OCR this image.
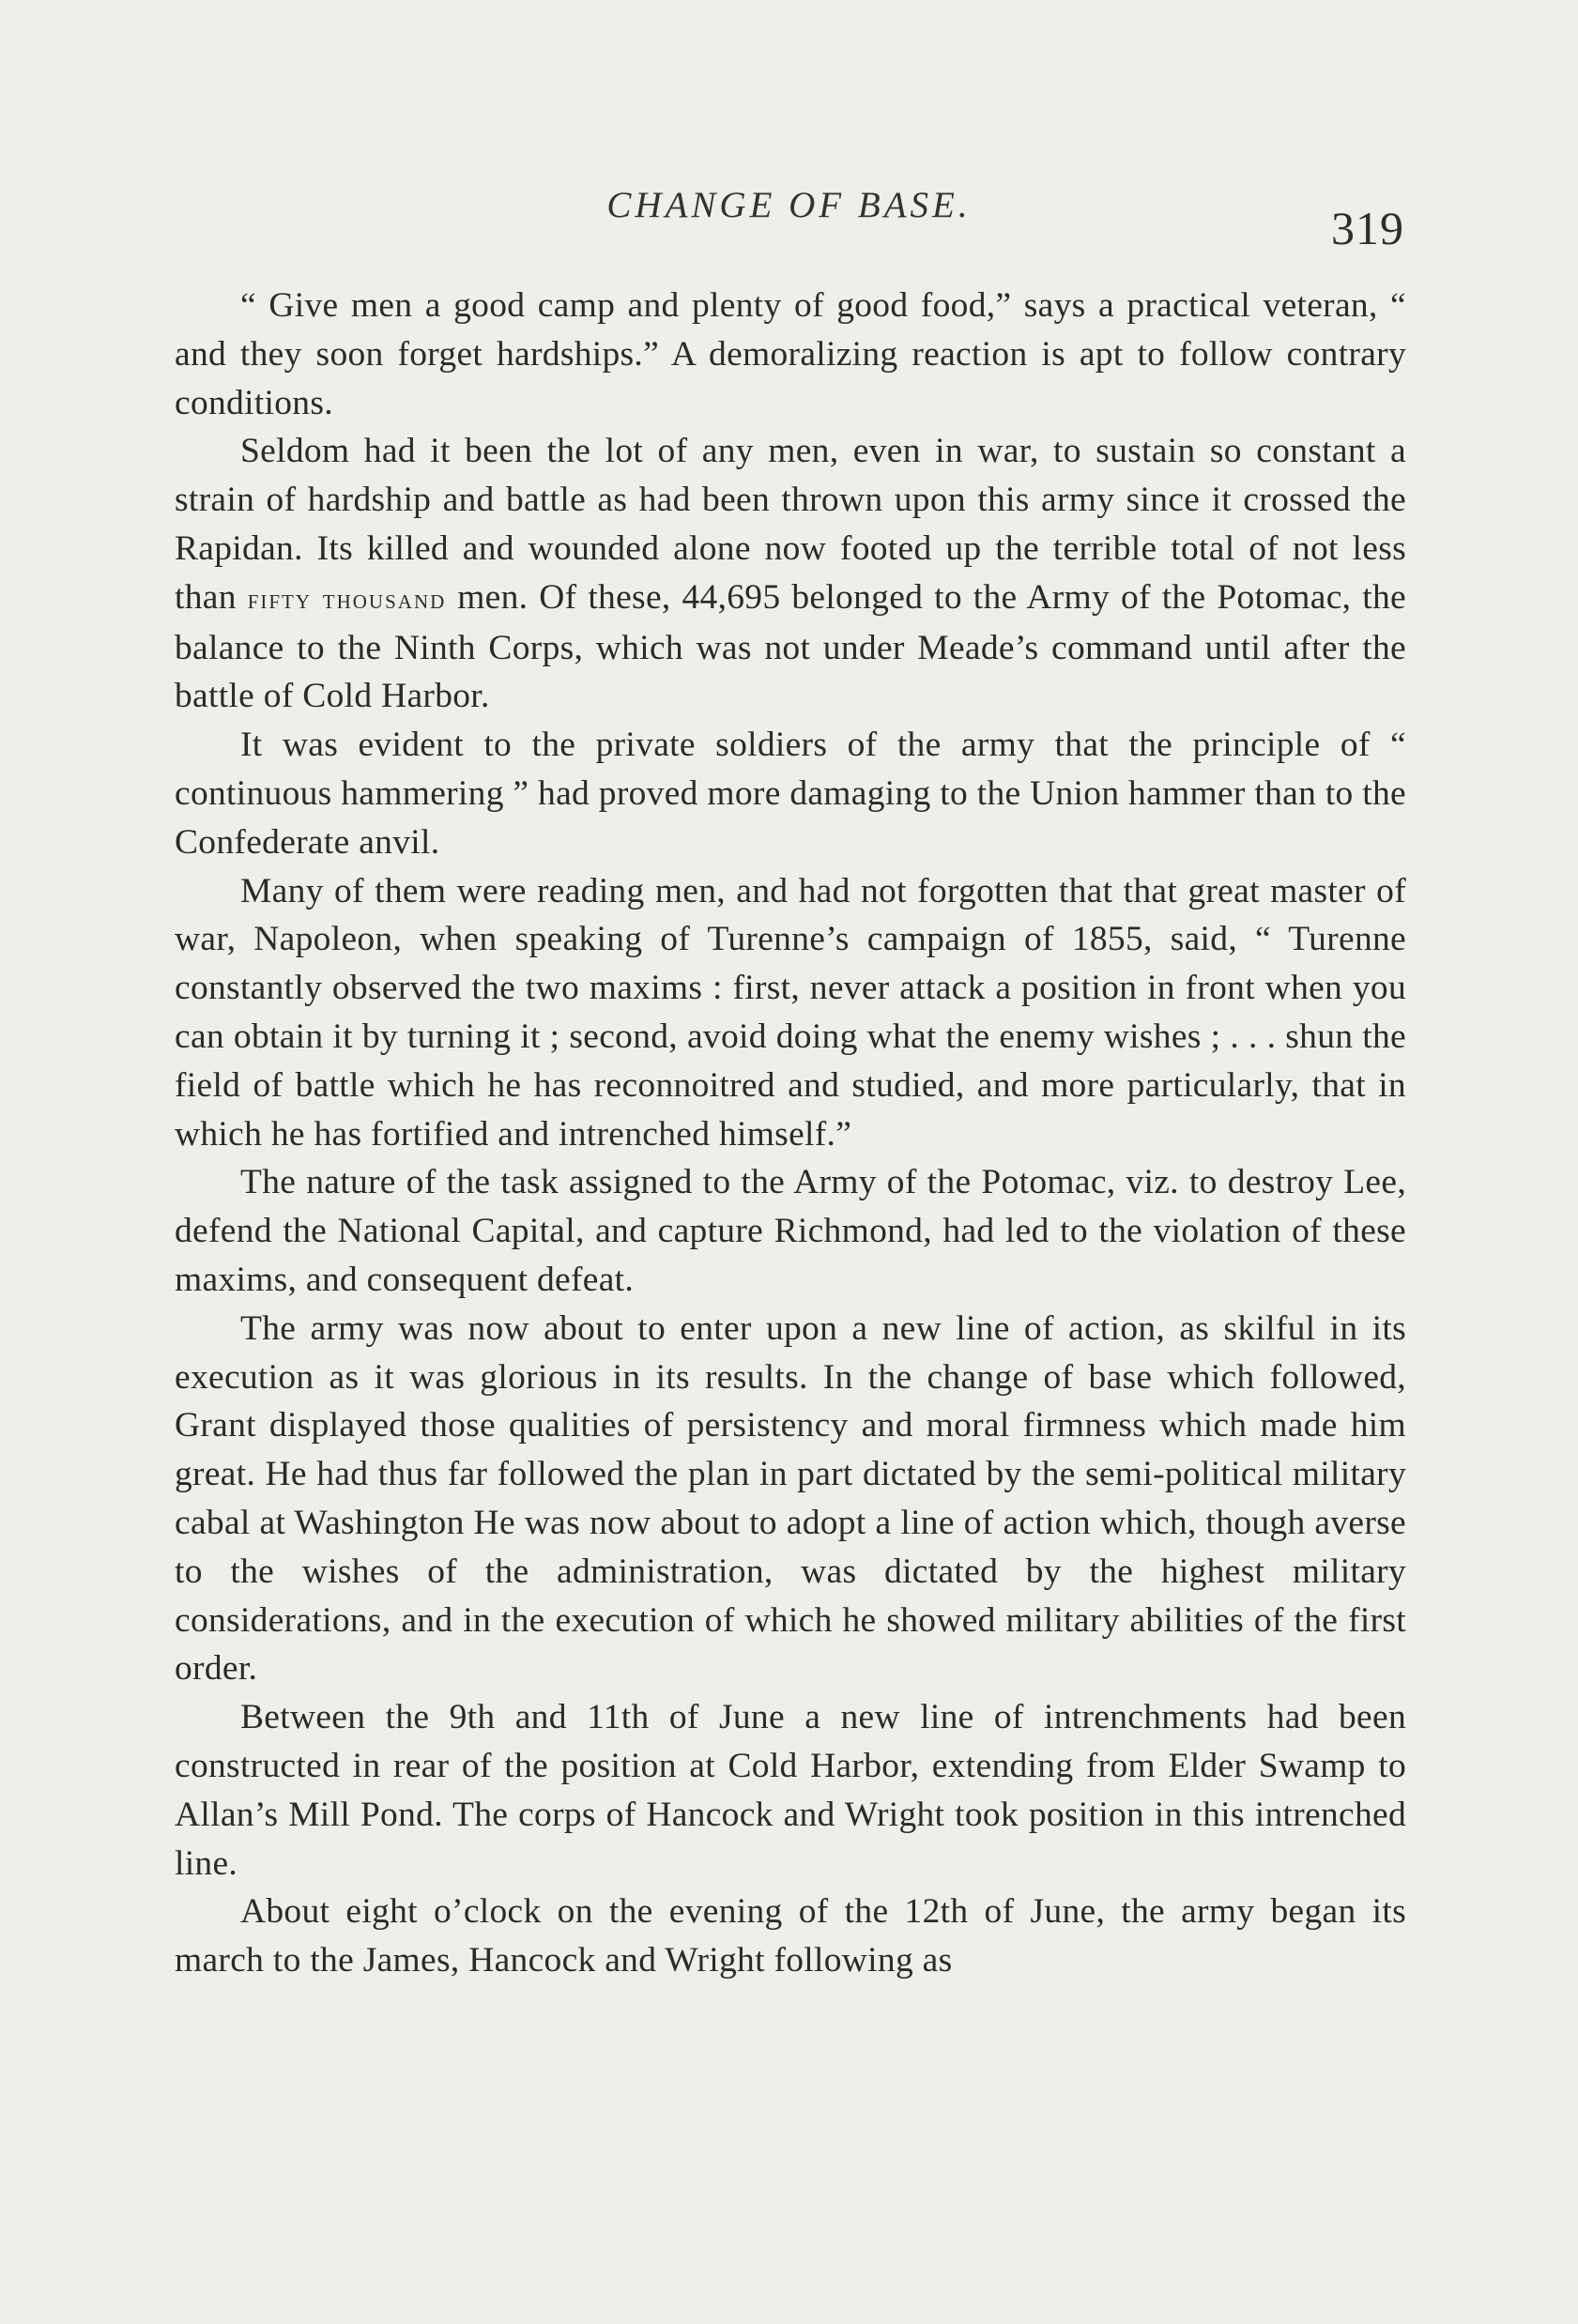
CHANGE OF BASE.	319

“ Give men a good camp and plenty of good food,” says a practical veteran, “ and they soon forget hardships.” A demoralizing reaction is apt to follow contrary conditions.

Seldom had it been the lot of any men, even in war, to sustain so constant a strain of hardship and battle as had been thrown upon this army since it crossed the Rapidan. Its killed and wounded alone now footed up the terrible total of not less than fifty thousand men. Of these, 44,695 belonged to the Army of the Potomac, the balance to the Ninth Corps, which was not under Meade’s command until after the battle of Cold Harbor.

It was evident to the private soldiers of the army that the principle of “ continuous hammering ” had proved more damaging to the Union hammer than to the Confederate anvil.

Many of them were reading men, and had not forgotten that that great master of war, Napoleon, when speaking of Turenne’s campaign of 1855, said, “ Turenne constantly observed the two maxims : first, never attack a position in front when you can obtain it by turning it ; second, avoid doing what the enemy wishes ; . . . shun the field of battle which he has reconnoitred and studied, and more particularly, that in which he has fortified and intrenched himself.”

The nature of the task assigned to the Army of the Potomac, viz. to destroy Lee, defend the National Capital, and capture Richmond, had led to the violation of these maxims, and consequent defeat.

The army was now about to enter upon a new line of action, as skilful in its execution as it was glorious in its results. In the change of base which followed, Grant displayed those qualities of persistency and moral firmness which made him great. He had thus far followed the plan in part dictated by the semi-political military cabal at Washington He was now about to adopt a line of action which, though averse to the wishes of the administration, was dictated by the highest military considerations, and in the execution of which he showed military abilities of the first order.

Between the 9th and 11th of June a new line of intrenchments had been constructed in rear of the position at Cold Harbor, extending from Elder Swamp to Allan’s Mill Pond. The corps of Hancock and Wright took position in this intrenched line.

About eight o’clock on the evening of the 12th of June, the army began its march to the James, Hancock and Wright following as
